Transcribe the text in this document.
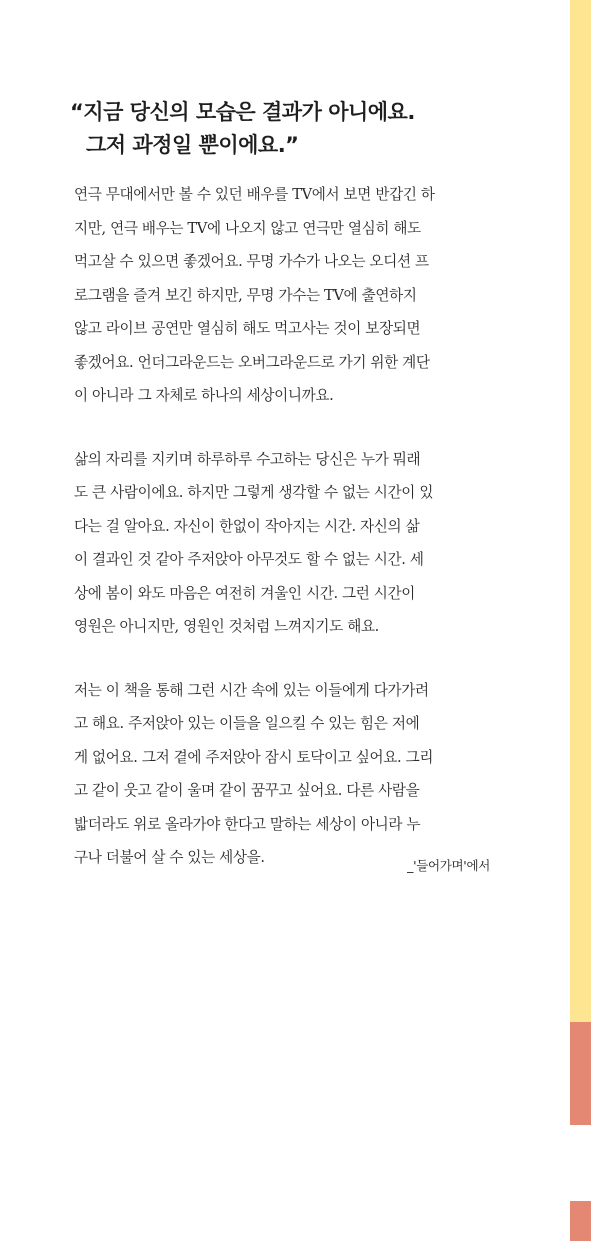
“지금 당신의 모습은 결과가 아니에요.
그저 과정일 뿐이에요.”

연극 무대에서만 볼 수 있던 배우를 TV에서 보면 반갑긴 하
지만, 연극 배우는 TV에 나오지 않고 연극만 열심히 해도
먹고살 수 있으면 좋겠어요. 무명 가수가 나오는 오디션 프
로그램을 즐겨 보긴 하지만, 무명 가수는 TV에 출연하지
않고 라이브 공연만 열심히 해도 먹고사는 것이 보장되면
좋겠어요. 언더그라운드는 오버그라운드로 가기 위한 계단
이 아니라 그 자체로 하나의 세상이니까요.

삶의 자리를 지키며 하루하루 수고하는 당신은 누가 뭐래
도 큰 사람이에요. 하지만 그렇게 생각할 수 없는 시간이 있
다는 걸 알아요. 자신이 한없이 작아지는 시간. 자신의 삶
이 결과인 것 같아 주저앉아 아무것도 할 수 없는 시간. 세
상에 봄이 와도 마음은 여전히 겨울인 시간. 그런 시간이
영원은 아니지만, 영원인 것처럼 느껴지기도 해요.

저는 이 책을 통해 그런 시간 속에 있는 이들에게 다가가려
고 해요. 주저앉아 있는 이들을 일으킬 수 있는 힘은 저에
게 없어요. 그저 곁에 주저앉아 잠시 토닥이고 싶어요. 그리
고 같이 웃고 같이 울며 같이 꿈꾸고 싶어요. 다른 사람을
밟더라도 위로 올라가야 한다고 말하는 세상이 아니라 누
구나 더불어 살 수 있는 세상을.	_'들어가며'에서
